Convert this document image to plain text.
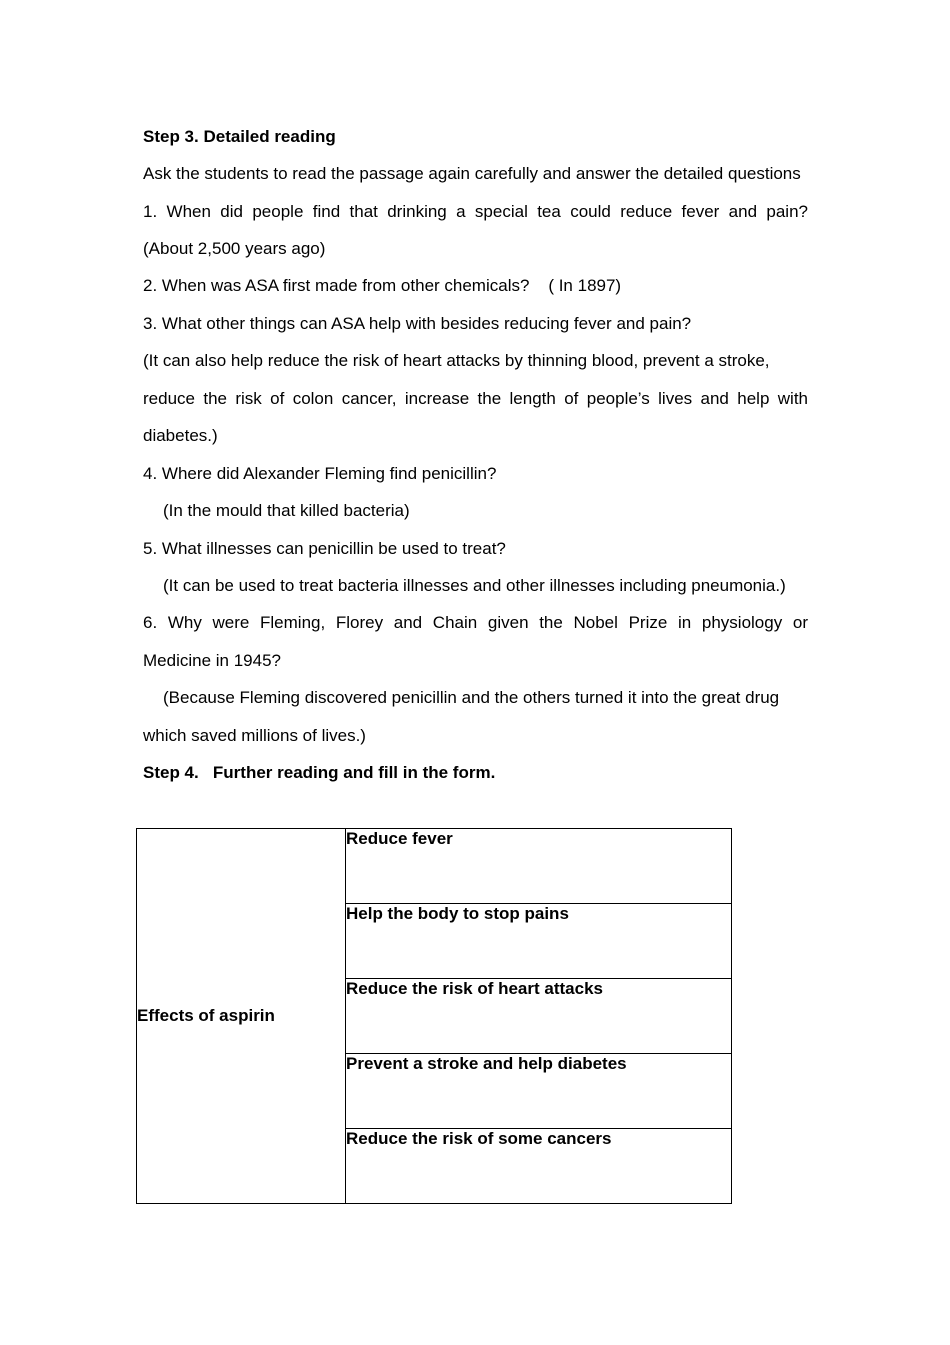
Step 3. Detailed reading
Ask the students to read the passage again carefully and answer the detailed questions
1. When did people find that drinking a special tea could reduce fever and pain?
(About 2,500 years ago)
2. When was ASA first made from other chemicals?    ( In 1897)
3. What other things can ASA help with besides reducing fever and pain?
(It can also help reduce the risk of heart attacks by thinning blood, prevent a stroke,
reduce the risk of colon cancer, increase the length of people’s lives and help with
diabetes.)
4. Where did Alexander Fleming find penicillin?
(In the mould that killed bacteria)
5. What illnesses can penicillin be used to treat?
(It can be used to treat bacteria illnesses and other illnesses including pneumonia.)
6. Why were Fleming, Florey and Chain given the Nobel Prize in physiology or
Medicine in 1945?
(Because Fleming discovered penicillin and the others turned it into the great drug
which saved millions of lives.)
Step 4.   Further reading and fill in the form.
Effects of aspirin	Reduce fever
Help the body to stop pains
Reduce the risk of heart attacks
Prevent a stroke and help diabetes
Reduce the risk of some cancers
